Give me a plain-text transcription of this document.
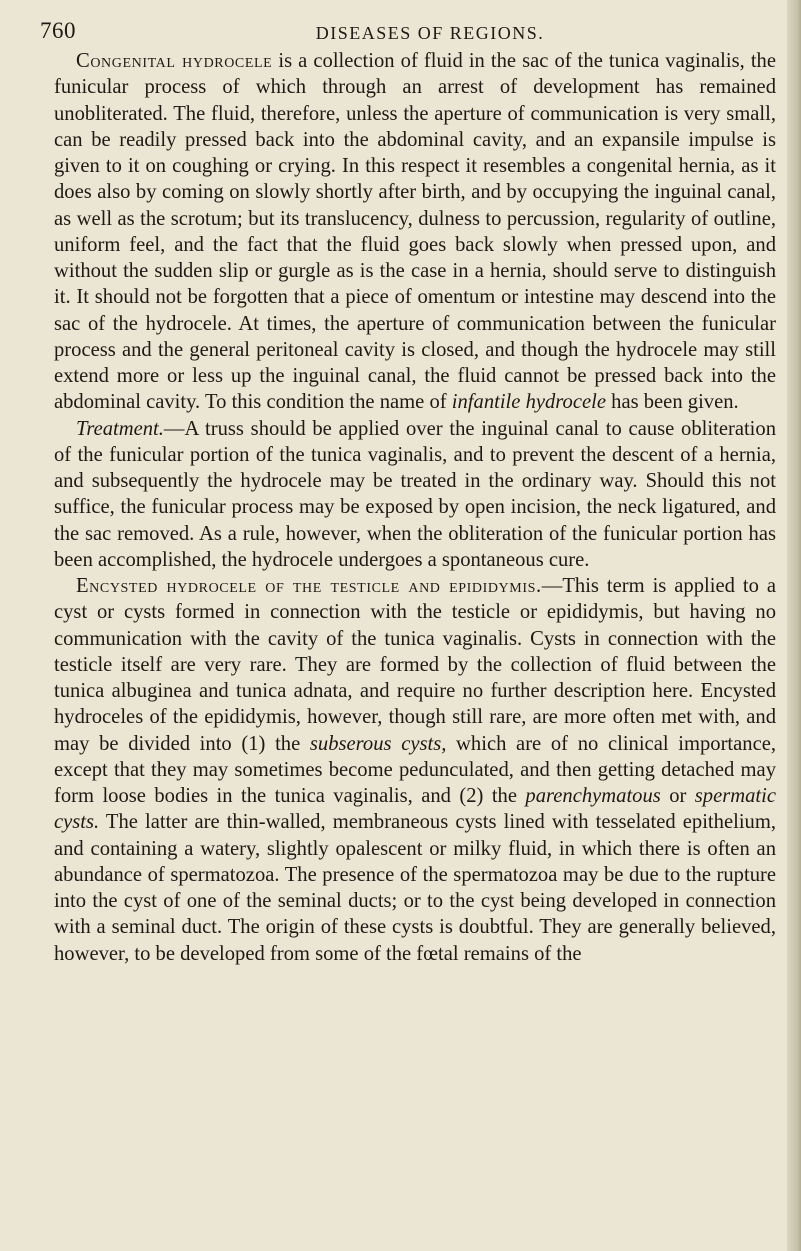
760	DISEASES OF REGIONS.

Congenital hydrocele is a collection of fluid in the sac of the tunica vaginalis, the funicular process of which through an arrest of development has remained unobliterated. The fluid, therefore, unless the aperture of communication is very small, can be readily pressed back into the abdominal cavity, and an expansile impulse is given to it on coughing or crying. In this respect it resembles a congenital hernia, as it does also by coming on slowly shortly after birth, and by occupying the inguinal canal, as well as the scrotum; but its translucency, dulness to percussion, regularity of outline, uniform feel, and the fact that the fluid goes back slowly when pressed upon, and without the sudden slip or gurgle as is the case in a hernia, should serve to distinguish it. It should not be forgotten that a piece of omentum or intestine may descend into the sac of the hydrocele. At times, the aperture of communication between the funicular process and the general peritoneal cavity is closed, and though the hydrocele may still extend more or less up the inguinal canal, the fluid cannot be pressed back into the abdominal cavity. To this condition the name of infantile hydrocele has been given.

Treatment.—A truss should be applied over the inguinal canal to cause obliteration of the funicular portion of the tunica vaginalis, and to prevent the descent of a hernia, and subsequently the hydrocele may be treated in the ordinary way. Should this not suffice, the funicular process may be exposed by open incision, the neck ligatured, and the sac removed. As a rule, however, when the obliteration of the funicular portion has been accomplished, the hydrocele undergoes a spontaneous cure.

Encysted hydrocele of the testicle and epididymis.—This term is applied to a cyst or cysts formed in connection with the testicle or epididymis, but having no communication with the cavity of the tunica vaginalis. Cysts in connection with the testicle itself are very rare. They are formed by the collection of fluid between the tunica albuginea and tunica adnata, and require no further description here. Encysted hydroceles of the epididymis, however, though still rare, are more often met with, and may be divided into (1) the subserous cysts, which are of no clinical importance, except that they may sometimes become pedunculated, and then getting detached may form loose bodies in the tunica vaginalis, and (2) the parenchymatous or spermatic cysts. The latter are thin-walled, membraneous cysts lined with tesselated epithelium, and containing a watery, slightly opalescent or milky fluid, in which there is often an abundance of spermatozoa. The presence of the spermatozoa may be due to the rupture into the cyst of one of the seminal ducts; or to the cyst being developed in connection with a seminal duct. The origin of these cysts is doubtful. They are generally believed, however, to be developed from some of the fœtal remains of the
